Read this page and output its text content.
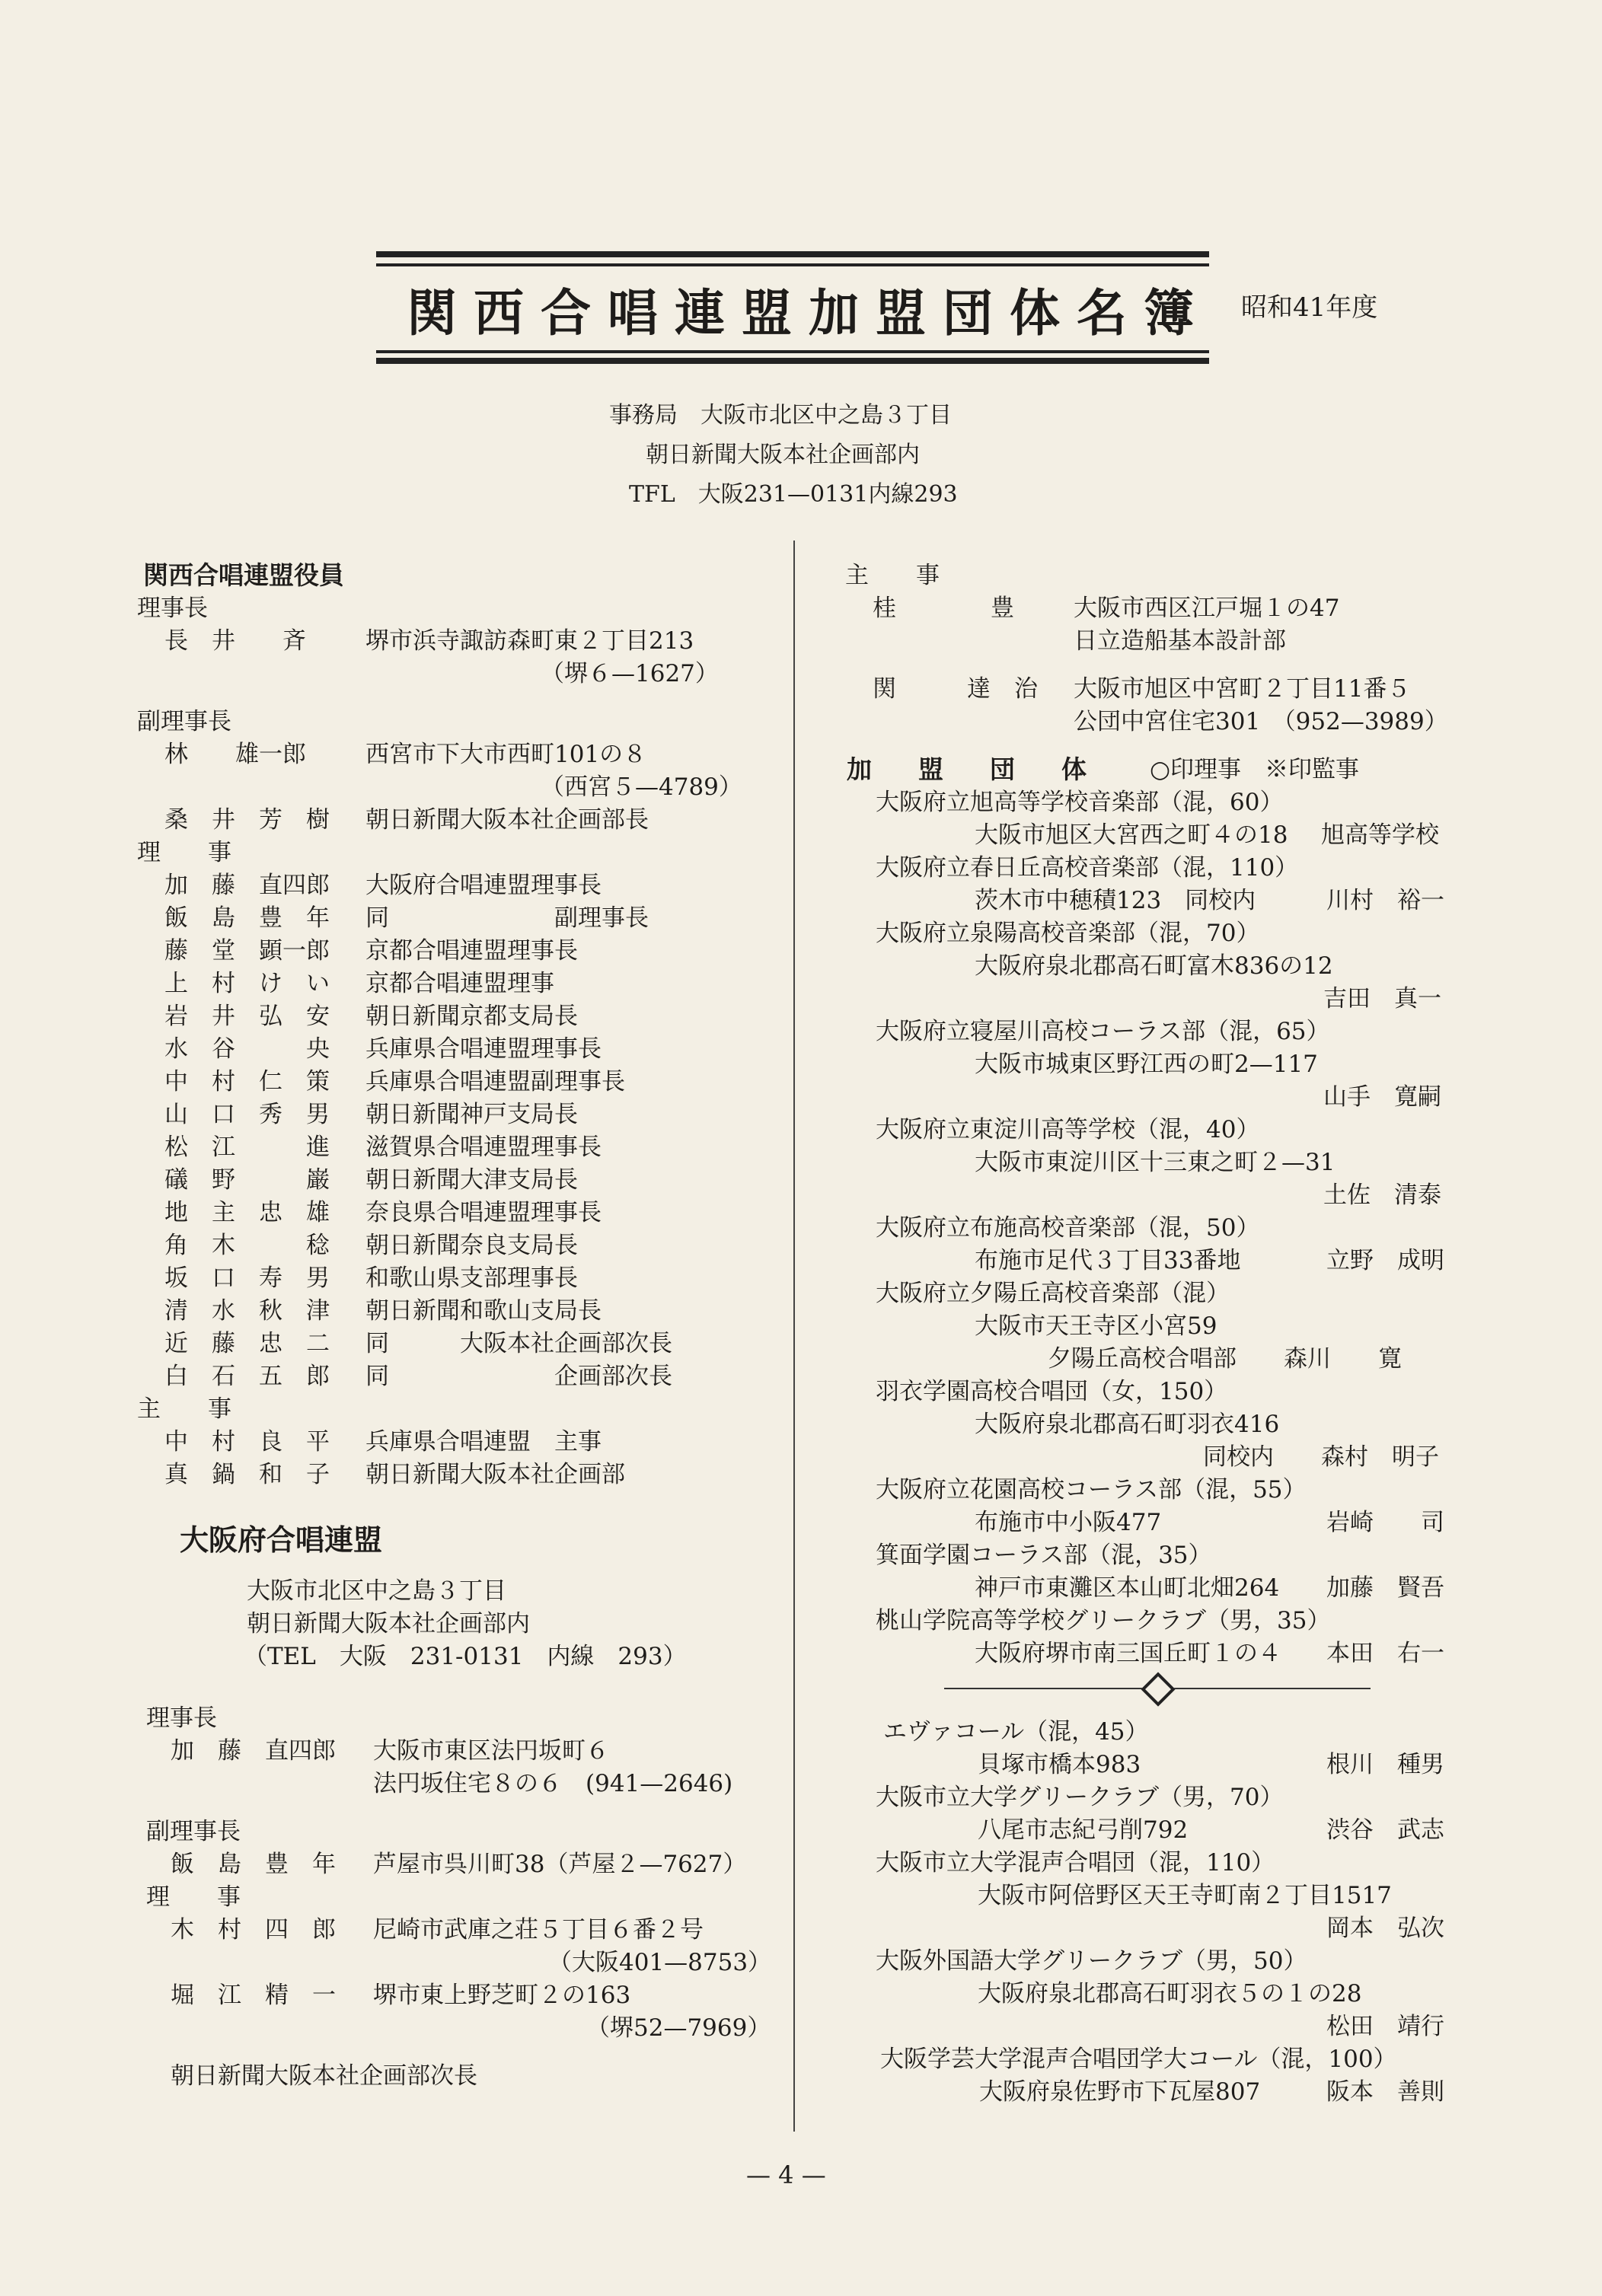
関西合唱連盟加盟団体名簿 昭和41年度
事務局　大阪市北区中之島３丁目
朝日新聞大阪本社企画部内
TFL　大阪231—0131内線293
関西合唱連盟役員
理事長
長　井　　斉	堺市浜寺諏訪森町東２丁目213
（堺６—1627）
副理事長
林　　雄一郎	西宮市下大市西町101の８
（西宮５—4789）
桑　井　芳　樹 朝日新聞大阪本社企画部長
理　　事
加　藤　直四郎 大阪府合唱連盟理事長
飯　島　豊　年 同　　　　　　　副理事長
藤　堂　顕一郎 京都合唱連盟理事長
上　村　け　い 京都合唱連盟理事
岩　井　弘　安 朝日新聞京都支局長
水　谷　　　央 兵庫県合唱連盟理事長
中　村　仁　策 兵庫県合唱連盟副理事長
山　口　秀　男 朝日新聞神戸支局長
松　江　　　進 滋賀県合唱連盟理事長
礒　野　　　巌 朝日新聞大津支局長
地　主　忠　雄 奈良県合唱連盟理事長
角　木　　　稔 朝日新聞奈良支局長
坂　口　寿　男 和歌山県支部理事長
清　水　秋　津 朝日新聞和歌山支局長
近　藤　忠　二 同　　　大阪本社企画部次長
白　石　五　郎 同　　　　　　　企画部次長
主　　事
中　村　良　平 兵庫県合唱連盟　主事
真　鍋　和　子 朝日新聞大阪本社企画部
大阪府合唱連盟
大阪市北区中之島３丁目
朝日新聞大阪本社企画部内
（TEL　大阪　231-0131　内線　293）
理事長
加　藤　直四郎 大阪市東区法円坂町６
法円坂住宅８の６　(941—2646)
副理事長
飯　島　豊　年 芦屋市呉川町38（芦屋２—7627）
理　　事
木　村　四　郎 尼崎市武庫之荘５丁目６番２号
（大阪401—8753）
堀　江　精　一 堺市東上野芝町２の163
（堺52—7969）
朝日新聞大阪本社企画部次長
主　　事
桂　　　　豊	大阪市西区江戸堀１の47
日立造船基本設計部
関　　　達　治 大阪市旭区中宮町２丁目11番５
公団中宮住宅301　（952—3989）
加　盟　団　体 ○印理事　※印監事
大阪府立旭高等学校音楽部（混，60）
大阪市旭区大宮西之町４の18 旭高等学校
大阪府立春日丘高校音楽部（混，110）
茨木市中穂積123　同校内	川村　裕一
大阪府立泉陽高校音楽部（混，70）
大阪府泉北郡高石町富木836の12
吉田　真一
大阪府立寝屋川高校コーラス部（混，65）
大阪市城東区野江西の町2—117
山手　寛嗣
大阪府立東淀川高等学校（混，40）
大阪市東淀川区十三東之町２—31
土佐　清泰
大阪府立布施高校音楽部（混，50）
布施市足代３丁目33番地	立野　成明
大阪府立夕陽丘高校音楽部（混）
大阪市天王寺区小宮59
夕陽丘高校合唱部　　森川　　寛
羽衣学園高校合唱団（女，150）
大阪府泉北郡高石町羽衣416
同校内　　森村　明子
大阪府立花園高校コーラス部（混，55）
布施市中小阪477	岩崎　　司
箕面学園コーラス部（混，35）
神戸市東灘区本山町北畑264 加藤　賢吾
桃山学院高等学校グリークラブ（男，35）
大阪府堺市南三国丘町１の４ 本田　右一
エヴァコール（混，45）
貝塚市橋本983	根川　種男
大阪市立大学グリークラブ（男，70）
八尾市志紀弓削792	渋谷　武志
大阪市立大学混声合唱団（混，110）
大阪市阿倍野区天王寺町南２丁目1517
岡本　弘次
大阪外国語大学グリークラブ（男，50）
大阪府泉北郡高石町羽衣５の１の28
松田　靖行
大阪学芸大学混声合唱団学大コール（混，100）
大阪府泉佐野市下瓦屋807	阪本　善則
— 4 —
